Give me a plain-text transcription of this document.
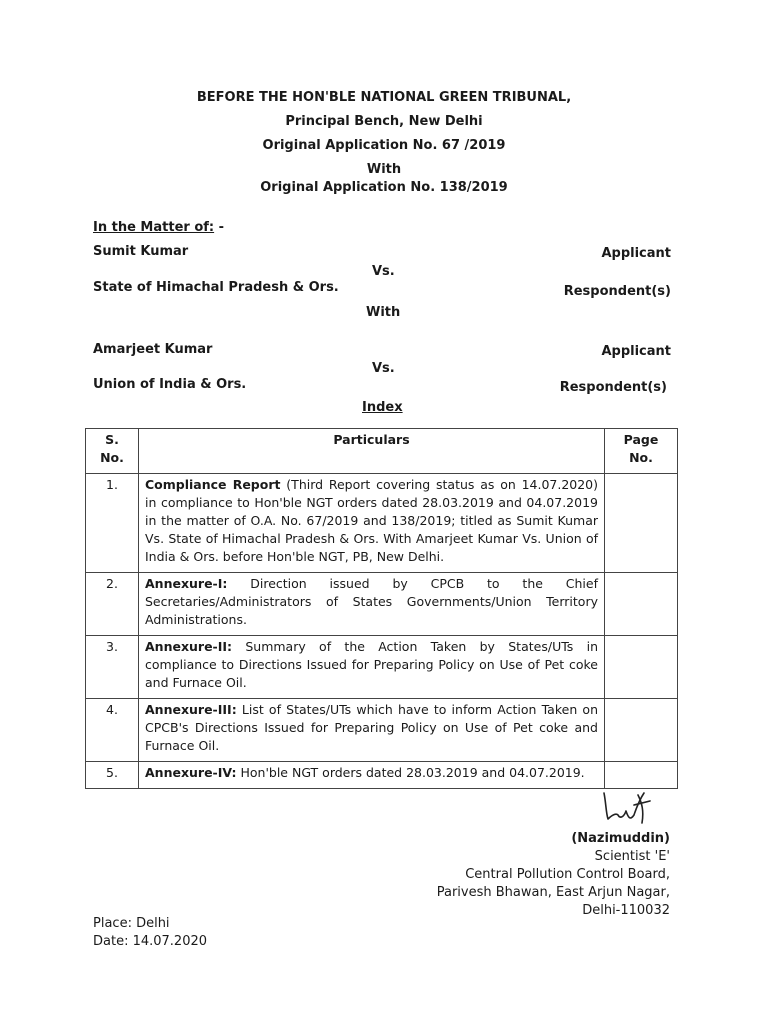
BEFORE THE HON'BLE NATIONAL GREEN TRIBUNAL,
Principal Bench, New Delhi
Original Application No. 67 /2019
With
Original Application No. 138/2019
In the Matter of: -
Sumit Kumar	Applicant
Vs.
State of Himachal Pradesh & Ors.	Respondent(s)
With
Amarjeet Kumar	Applicant
Vs.
Union of India & Ors.	Respondent(s)
Index
S. No.	Particulars	Page No.
1.	Compliance Report (Third Report covering status as on 14.07.2020) in compliance to Hon'ble NGT orders dated 28.03.2019 and 04.07.2019 in the matter of O.A. No. 67/2019 and 138/2019; titled as Sumit Kumar Vs. State of Himachal Pradesh & Ors. With Amarjeet Kumar Vs. Union of India & Ors. before Hon'ble NGT, PB, New Delhi.	
2.	Annexure-I: Direction issued by CPCB to the Chief Secretaries/Administrators of States Governments/Union Territory Administrations.	
3.	Annexure-II: Summary of the Action Taken by States/UTs in compliance to Directions Issued for Preparing Policy on Use of Pet coke and Furnace Oil.	
4.	Annexure-III: List of States/UTs which have to inform Action Taken on CPCB's Directions Issued for Preparing Policy on Use of Pet coke and Furnace Oil.	
5.	Annexure-IV: Hon'ble NGT orders dated 28.03.2019 and 04.07.2019.	
(Nazimuddin)
Scientist 'E'
Central Pollution Control Board,
Parivesh Bhawan, East Arjun Nagar,
Delhi-110032
Place: Delhi
Date: 14.07.2020
